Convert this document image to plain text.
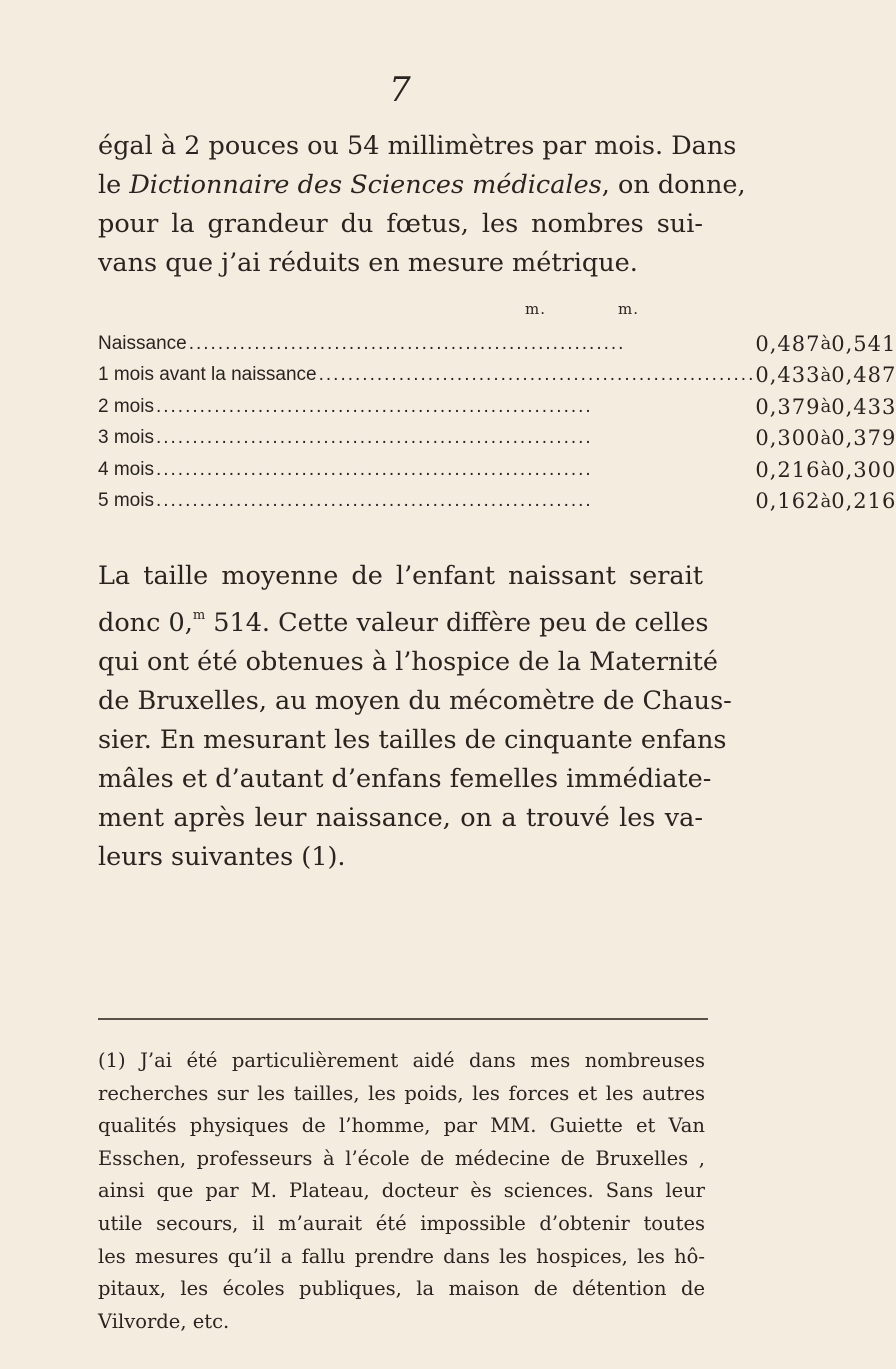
7
égal à 2 pouces ou 54 millimètres par mois. Dans
le Dictionnaire des Sciences médicales, on donne,
pour la grandeur du fœtus, les nombres sui-
vans que j’ai réduits en mesure métrique.
m.	m.
Naissance ............................................................	0,487	à	0,541
1 mois avant la naissance ............................................................	0,433	à	0,487
2 mois ............................................................	0,379	à	0,433
3 mois ............................................................	0,300	à	0,379
4 mois ............................................................	0,216	à	0,300
5 mois ............................................................	0,162	à	0,216
La taille moyenne de l’enfant naissant serait
donc 0,$^m$ 514. Cette valeur diffère peu de celles
qui ont été obtenues à l’hospice de la Maternité
de Bruxelles, au moyen du mécomètre de Chaus-
sier. En mesurant les tailles de cinquante enfans
mâles et d’autant d’enfans femelles immédiate-
ment après leur naissance, on a trouvé les va-
leurs suivantes (1).
(1) J’ai été particulièrement aidé dans mes nombreuses
recherches sur les tailles, les poids, les forces et les autres
qualités physiques de l’homme, par MM. Guiette et Van
Esschen, professeurs à l’école de médecine de Bruxelles ,
ainsi que par M. Plateau, docteur ès sciences. Sans leur
utile secours, il m’aurait été impossible d’obtenir toutes
les mesures qu’il a fallu prendre dans les hospices, les hô-
pitaux, les écoles publiques, la maison de détention de
Vilvorde, etc.
